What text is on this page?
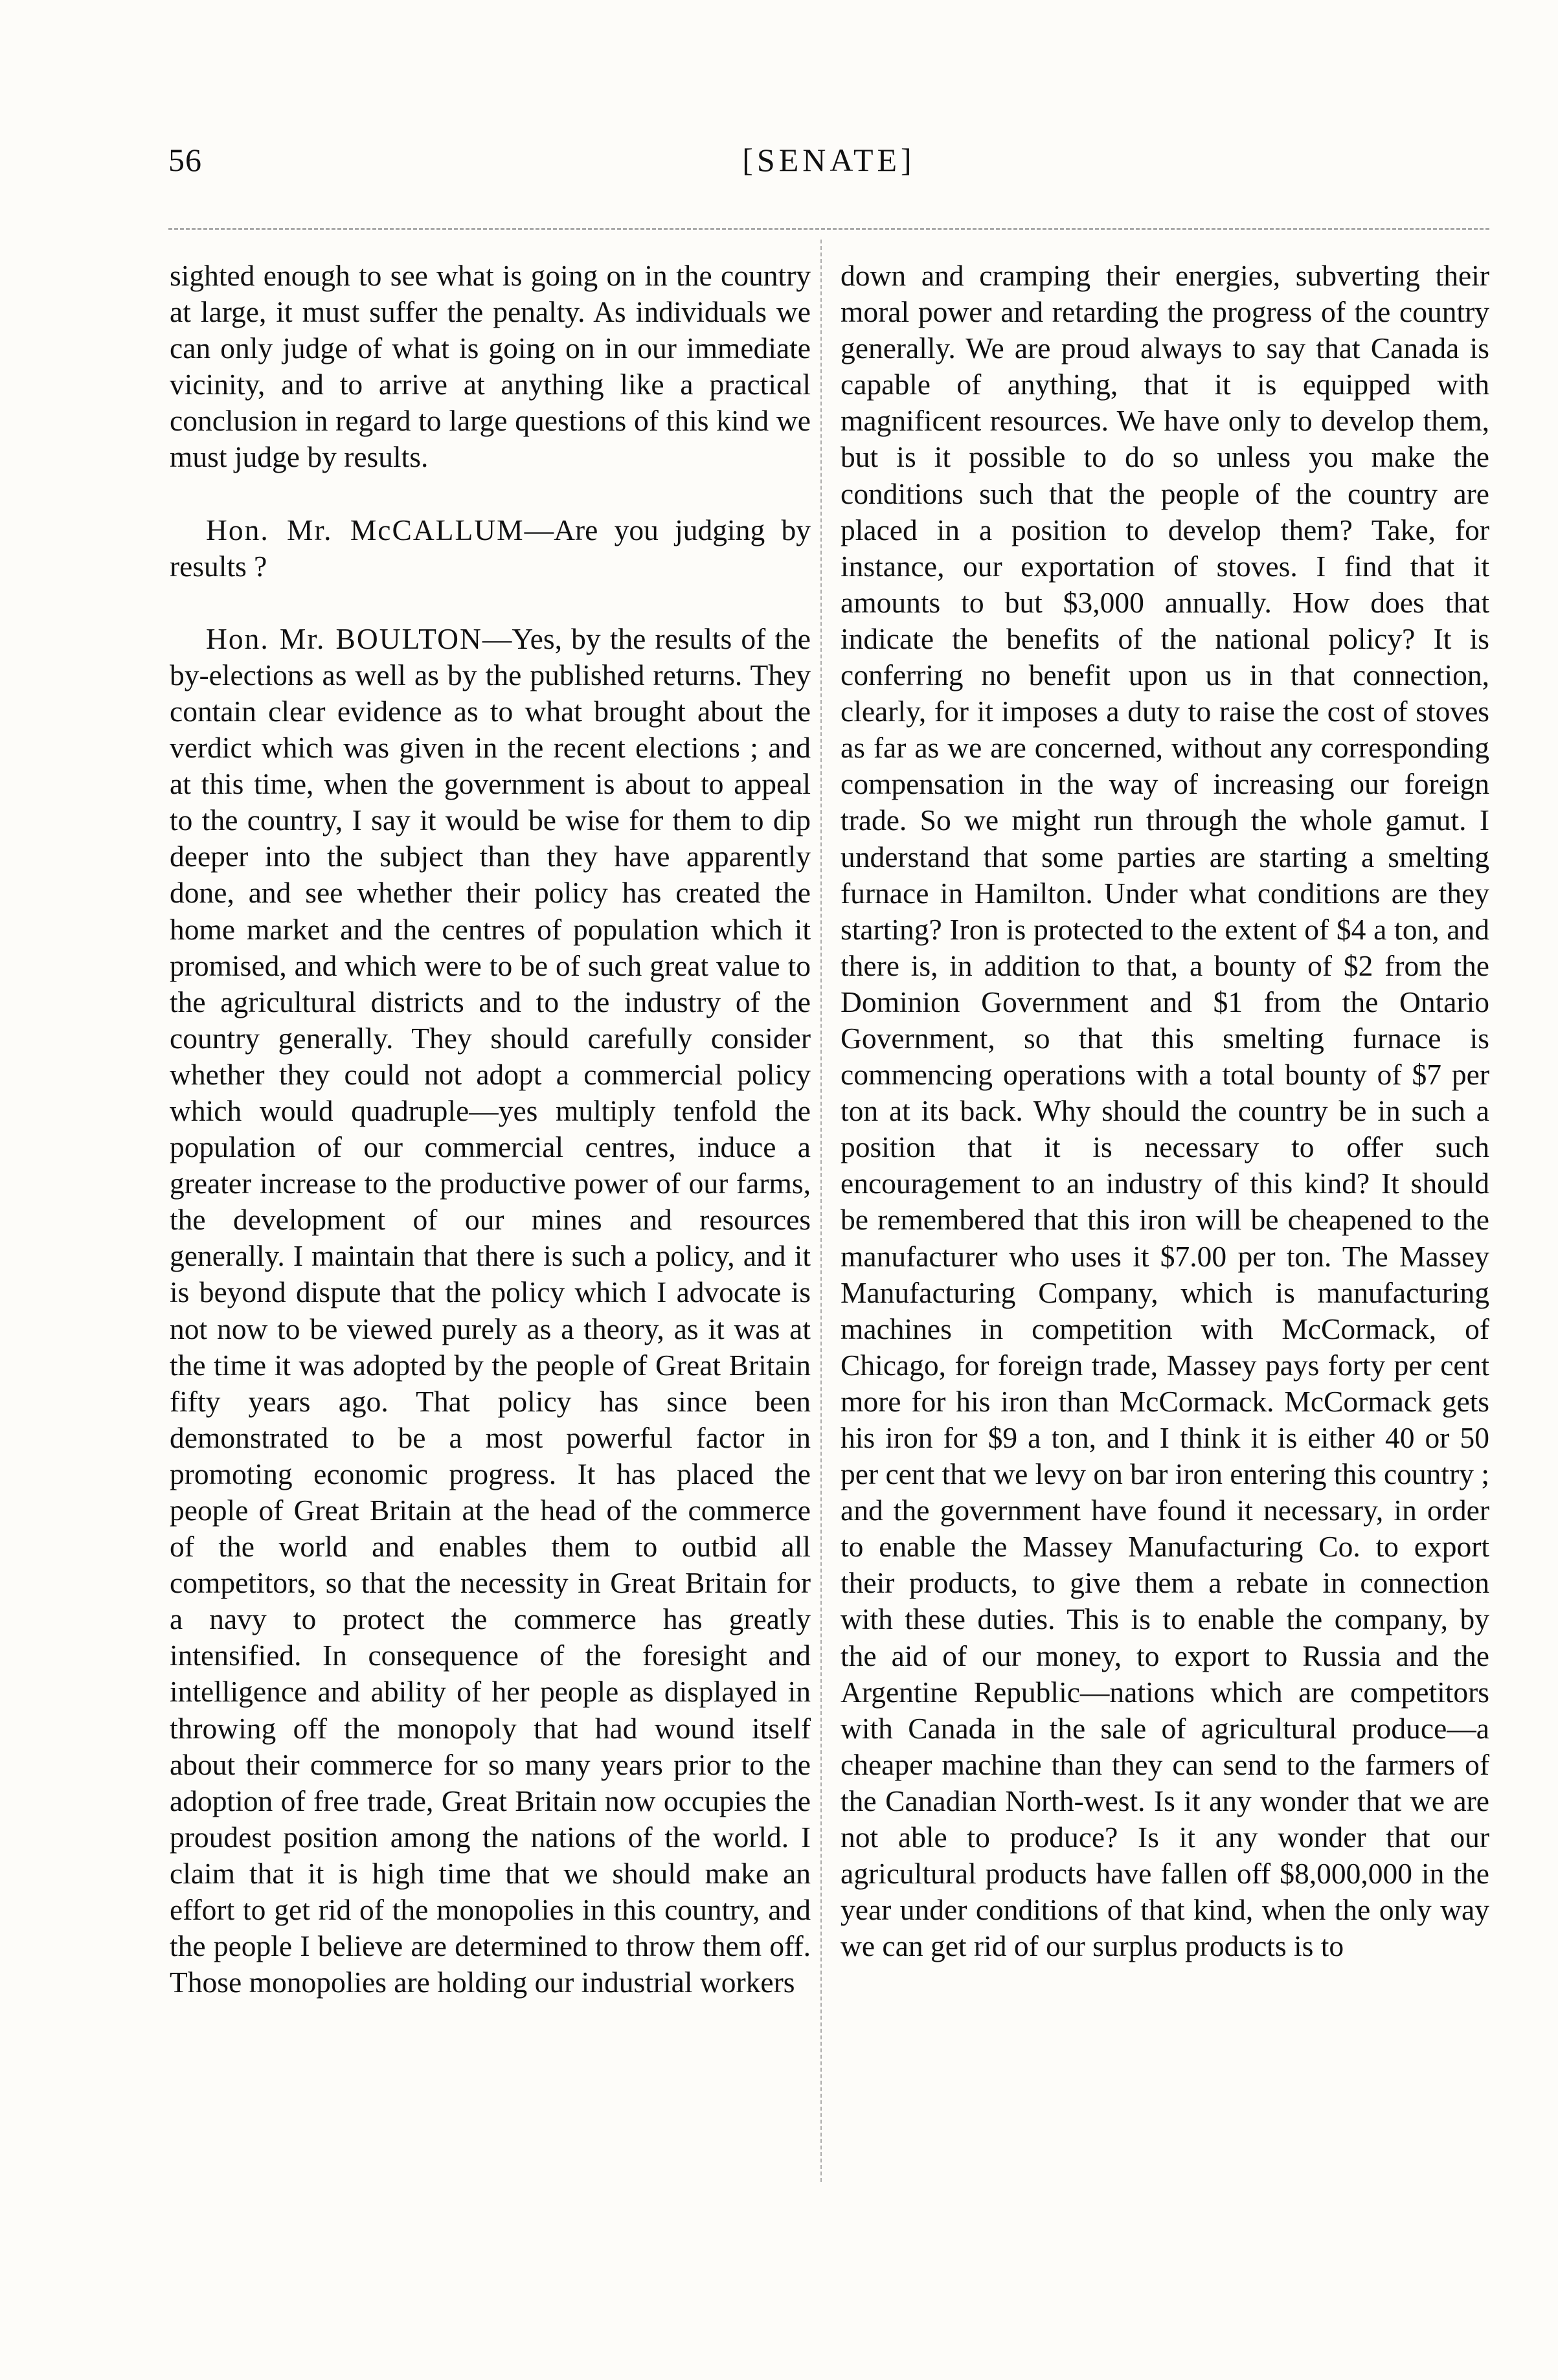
56	[SENATE]

sighted enough to see what is going on in the country at large, it must suffer the penalty. As individuals we can only judge of what is going on in our immediate vicinity, and to arrive at anything like a practical conclusion in regard to large questions of this kind we must judge by results.

Hon. Mr. McCALLUM—Are you judging by results ?

Hon. Mr. BOULTON—Yes, by the results of the by-elections as well as by the published returns. They contain clear evidence as to what brought about the verdict which was given in the recent elections ; and at this time, when the government is about to appeal to the country, I say it would be wise for them to dip deeper into the subject than they have apparently done, and see whether their policy has created the home market and the centres of population which it promised, and which were to be of such great value to the agricultural districts and to the industry of the country generally. They should carefully consider whether they could not adopt a commercial policy which would quadruple—yes multiply tenfold the population of our commercial centres, induce a greater increase to the productive power of our farms, the development of our mines and resources generally. I maintain that there is such a policy, and it is beyond dispute that the policy which I advocate is not now to be viewed purely as a theory, as it was at the time it was adopted by the people of Great Britain fifty years ago. That policy has since been demonstrated to be a most powerful factor in promoting economic progress. It has placed the people of Great Britain at the head of the commerce of the world and enables them to outbid all competitors, so that the necessity in Great Britain for a navy to protect the commerce has greatly intensified. In consequence of the foresight and intelligence and ability of her people as displayed in throwing off the monopoly that had wound itself about their commerce for so many years prior to the adoption of free trade, Great Britain now occupies the proudest position among the nations of the world. I claim that it is high time that we should make an effort to get rid of the monopolies in this country, and the people I believe are determined to throw them off. Those monopolies are holding our industrial workers

down and cramping their energies, subverting their moral power and retarding the progress of the country generally. We are proud always to say that Canada is capable of anything, that it is equipped with magnificent resources. We have only to develop them, but is it possible to do so unless you make the conditions such that the people of the country are placed in a position to develop them? Take, for instance, our exportation of stoves. I find that it amounts to but $3,000 annually. How does that indicate the benefits of the national policy? It is conferring no benefit upon us in that connection, clearly, for it imposes a duty to raise the cost of stoves as far as we are concerned, without any corresponding compensation in the way of increasing our foreign trade. So we might run through the whole gamut. I understand that some parties are starting a smelting furnace in Hamilton. Under what conditions are they starting? Iron is protected to the extent of $4 a ton, and there is, in addition to that, a bounty of $2 from the Dominion Government and $1 from the Ontario Government, so that this smelting furnace is commencing operations with a total bounty of $7 per ton at its back. Why should the country be in such a position that it is necessary to offer such encouragement to an industry of this kind? It should be remembered that this iron will be cheapened to the manufacturer who uses it $7.00 per ton. The Massey Manufacturing Company, which is manufacturing machines in competition with McCormack, of Chicago, for foreign trade, Massey pays forty per cent more for his iron than McCormack. McCormack gets his iron for $9 a ton, and I think it is either 40 or 50 per cent that we levy on bar iron entering this country ; and the government have found it necessary, in order to enable the Massey Manufacturing Co. to export their products, to give them a rebate in connection with these duties. This is to enable the company, by the aid of our money, to export to Russia and the Argentine Republic—nations which are competitors with Canada in the sale of agricultural produce—a cheaper machine than they can send to the farmers of the Canadian North-west. Is it any wonder that we are not able to produce? Is it any wonder that our agricultural products have fallen off $8,000,000 in the year under conditions of that kind, when the only way we can get rid of our surplus products is to
